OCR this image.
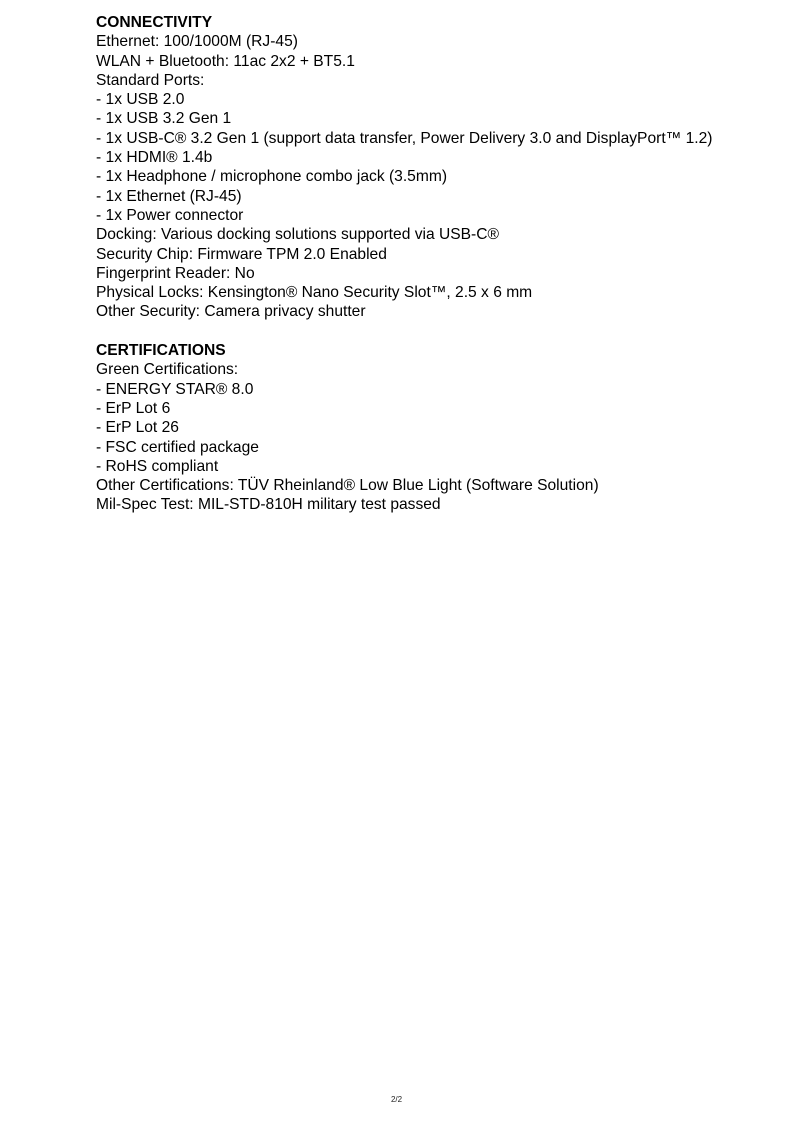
CONNECTIVITY
Ethernet: 100/1000M (RJ-45)
WLAN + Bluetooth: 11ac 2x2 + BT5.1
Standard Ports:
- 1x USB 2.0
- 1x USB 3.2 Gen 1
- 1x USB-C® 3.2 Gen 1 (support data transfer, Power Delivery 3.0 and DisplayPort™ 1.2)
- 1x HDMI® 1.4b
- 1x Headphone / microphone combo jack (3.5mm)
- 1x Ethernet (RJ-45)
- 1x Power connector
Docking: Various docking solutions supported via USB-C®
Security Chip: Firmware TPM 2.0 Enabled
Fingerprint Reader: No
Physical Locks: Kensington® Nano Security Slot™, 2.5 x 6 mm
Other Security: Camera privacy shutter
CERTIFICATIONS
Green Certifications:
- ENERGY STAR® 8.0
- ErP Lot 6
- ErP Lot 26
- FSC certified package
- RoHS compliant
Other Certifications: TÜV Rheinland® Low Blue Light (Software Solution)
Mil-Spec Test: MIL-STD-810H military test passed
2/2
